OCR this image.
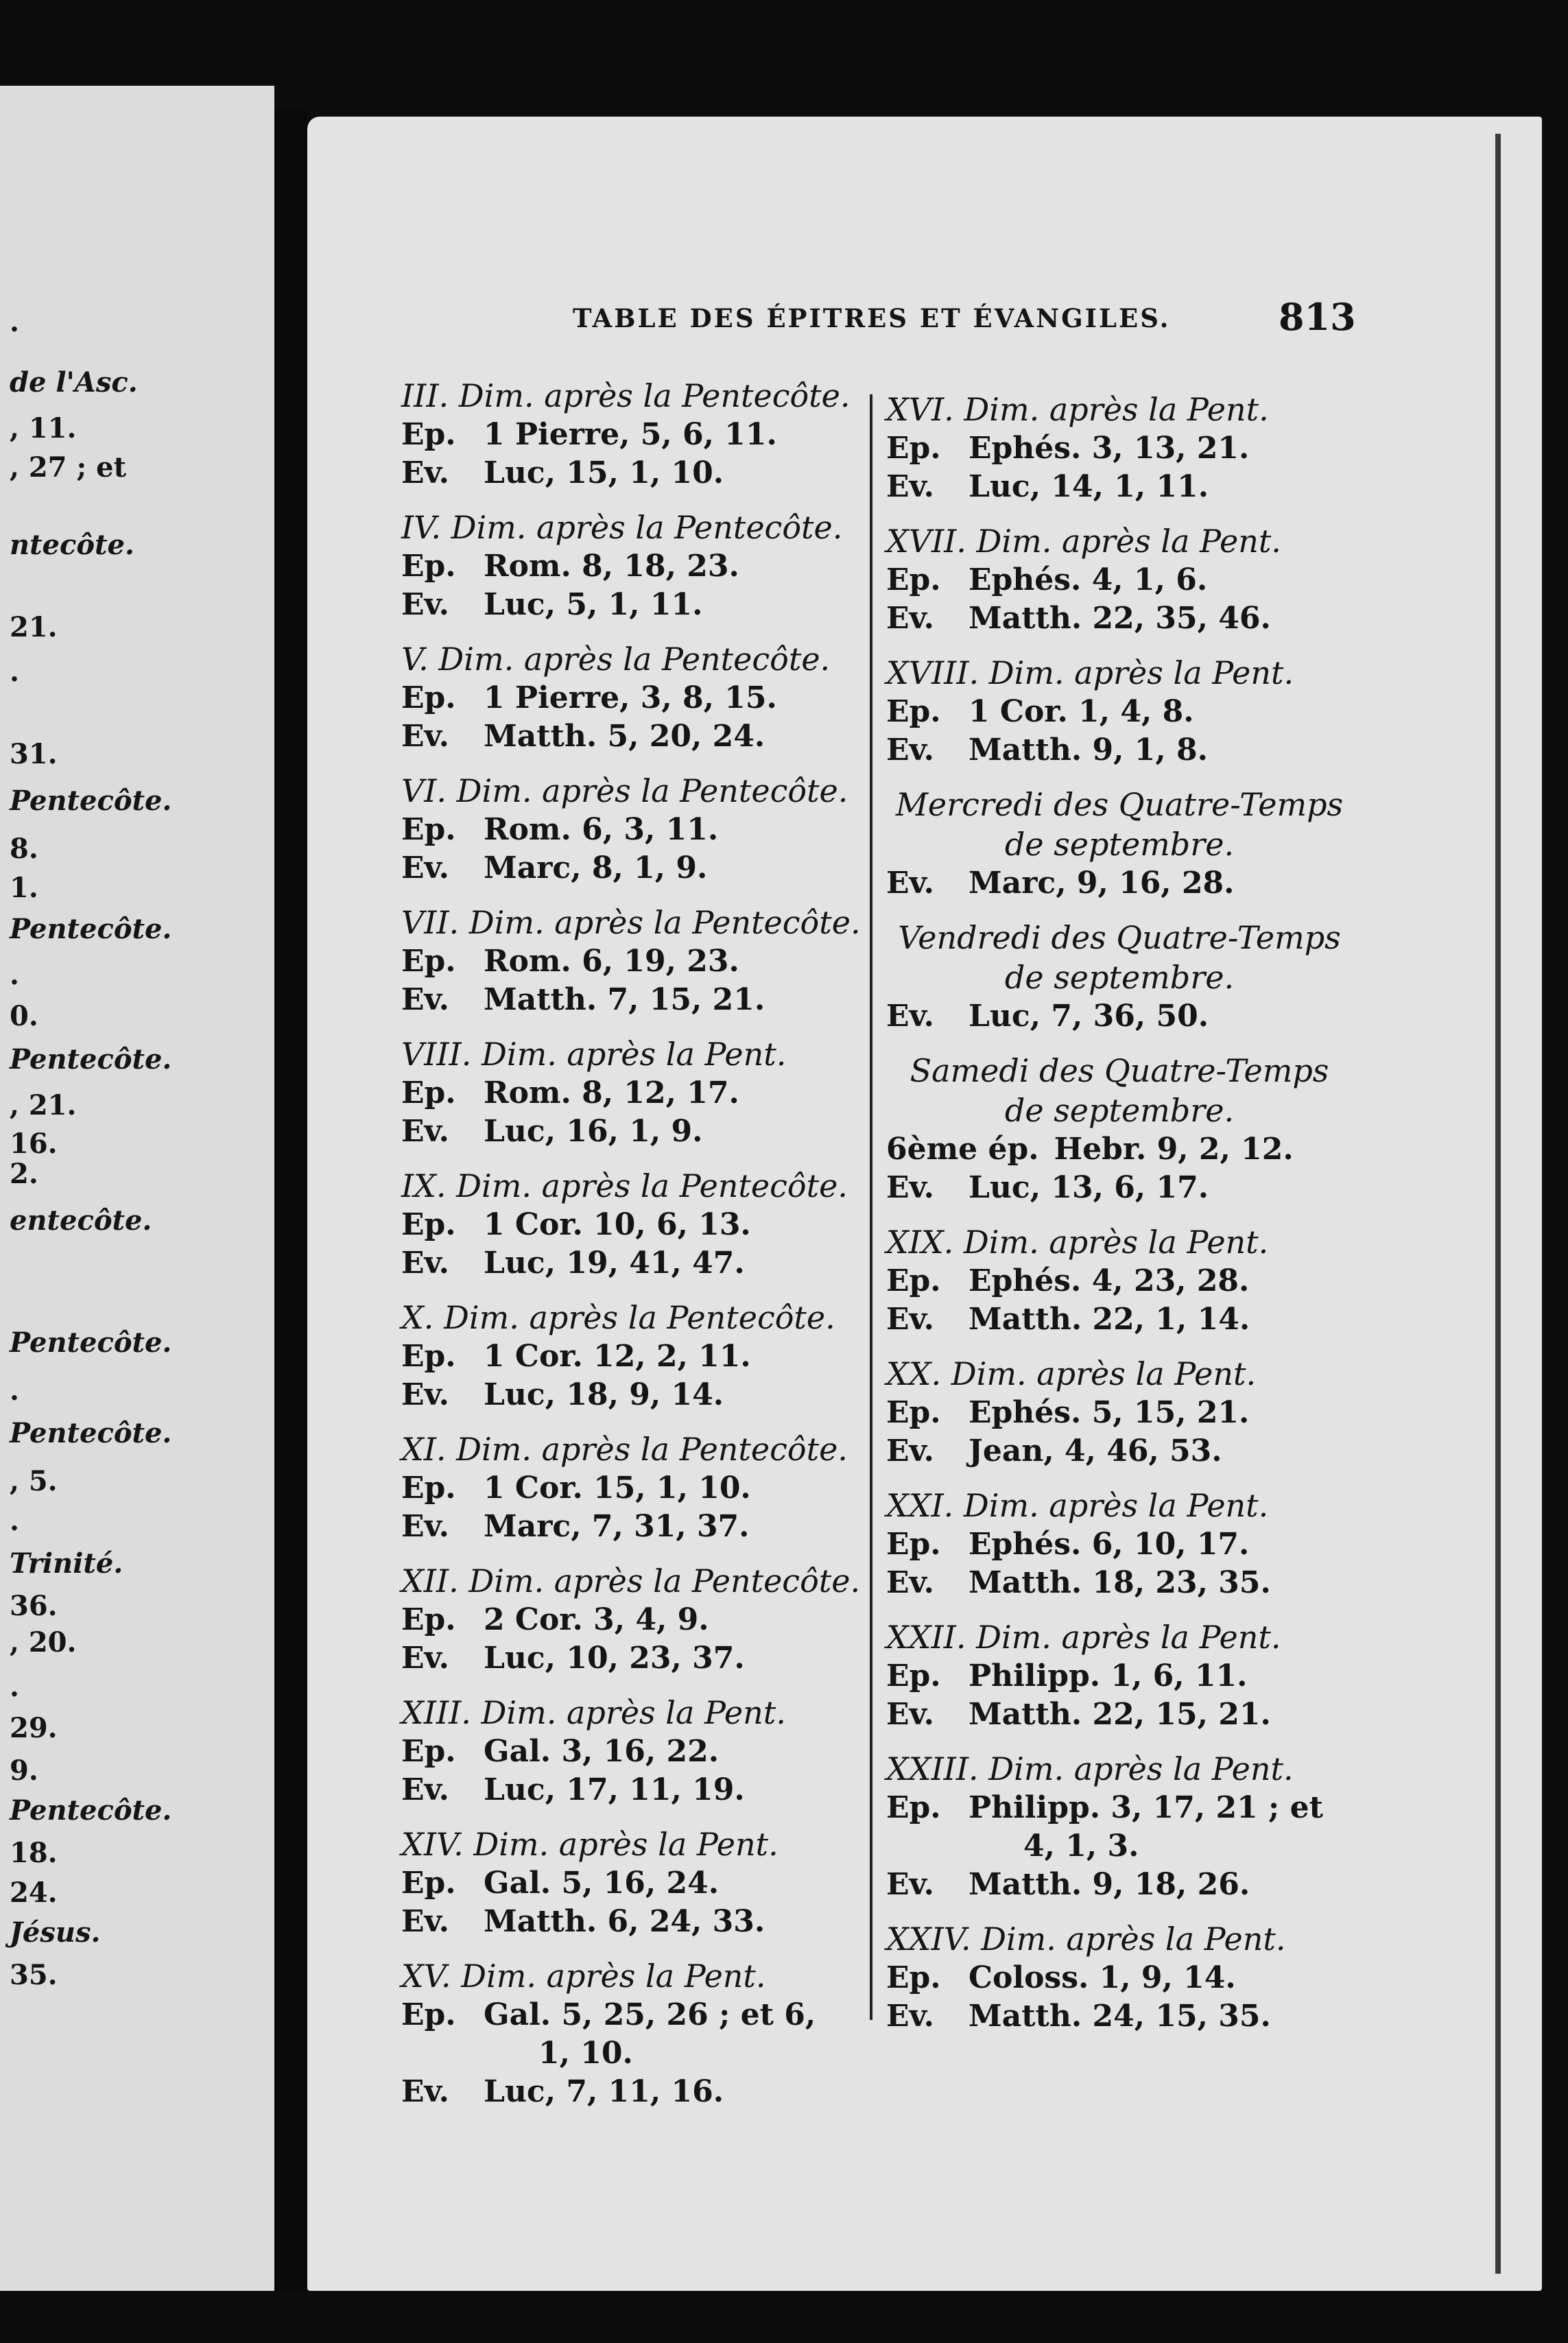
.
de l'Asc.
, 11.
, 27 ; et
ntecôte.
21.
.
31.
Pentecôte.
8.
1.
Pentecôte.
.
0.
Pentecôte.
, 21.
16.
2.
entecôte.
Pentecôte.
.
Pentecôte.
, 5.
.
Trinité.
36.
, 20.
.
29.
9.
Pentecôte.
18.
24.
Jésus.
35.
TABLE DES ÉPITRES ET ÉVANGILES.	813
III. Dim. après la Pentecôte.
Ep. 1 Pierre, 5, 6, 11.
Ev. Luc, 15, 1, 10.
IV. Dim. après la Pentecôte.
Ep. Rom. 8, 18, 23.
Ev. Luc, 5, 1, 11.
V. Dim. après la Pentecôte.
Ep. 1 Pierre, 3, 8, 15.
Ev. Matth. 5, 20, 24.
VI. Dim. après la Pentecôte.
Ep. Rom. 6, 3, 11.
Ev. Marc, 8, 1, 9.
VII. Dim. après la Pentecôte.
Ep. Rom. 6, 19, 23.
Ev. Matth. 7, 15, 21.
VIII. Dim. après la Pent.
Ep. Rom. 8, 12, 17.
Ev. Luc, 16, 1, 9.
IX. Dim. après la Pentecôte.
Ep. 1 Cor. 10, 6, 13.
Ev. Luc, 19, 41, 47.
X. Dim. après la Pentecôte.
Ep. 1 Cor. 12, 2, 11.
Ev. Luc, 18, 9, 14.
XI. Dim. après la Pentecôte.
Ep. 1 Cor. 15, 1, 10.
Ev. Marc, 7, 31, 37.
XII. Dim. après la Pentecôte.
Ep. 2 Cor. 3, 4, 9.
Ev. Luc, 10, 23, 37.
XIII. Dim. après la Pent.
Ep. Gal. 3, 16, 22.
Ev. Luc, 17, 11, 19.
XIV. Dim. après la Pent.
Ep. Gal. 5, 16, 24.
Ev. Matth. 6, 24, 33.
XV. Dim. après la Pent.
Ep. Gal. 5, 25, 26 ; et 6,
1, 10.
Ev. Luc, 7, 11, 16.
XVI. Dim. après la Pent.
Ep. Ephés. 3, 13, 21.
Ev. Luc, 14, 1, 11.
XVII. Dim. après la Pent.
Ep. Ephés. 4, 1, 6.
Ev. Matth. 22, 35, 46.
XVIII. Dim. après la Pent.
Ep. 1 Cor. 1, 4, 8.
Ev. Matth. 9, 1, 8.
Mercredi des Quatre-Temps
de septembre.
Ev. Marc, 9, 16, 28.
Vendredi des Quatre-Temps
de septembre.
Ev. Luc, 7, 36, 50.
Samedi des Quatre-Temps
de septembre.
6ème ép. Hebr. 9, 2, 12.
Ev. Luc, 13, 6, 17.
XIX. Dim. après la Pent.
Ep. Ephés. 4, 23, 28.
Ev. Matth. 22, 1, 14.
XX. Dim. après la Pent.
Ep. Ephés. 5, 15, 21.
Ev. Jean, 4, 46, 53.
XXI. Dim. après la Pent.
Ep. Ephés. 6, 10, 17.
Ev. Matth. 18, 23, 35.
XXII. Dim. après la Pent.
Ep. Philipp. 1, 6, 11.
Ev. Matth. 22, 15, 21.
XXIII. Dim. après la Pent.
Ep. Philipp. 3, 17, 21 ; et
4, 1, 3.
Ev. Matth. 9, 18, 26.
XXIV. Dim. après la Pent.
Ep. Coloss. 1, 9, 14.
Ev. Matth. 24, 15, 35.
